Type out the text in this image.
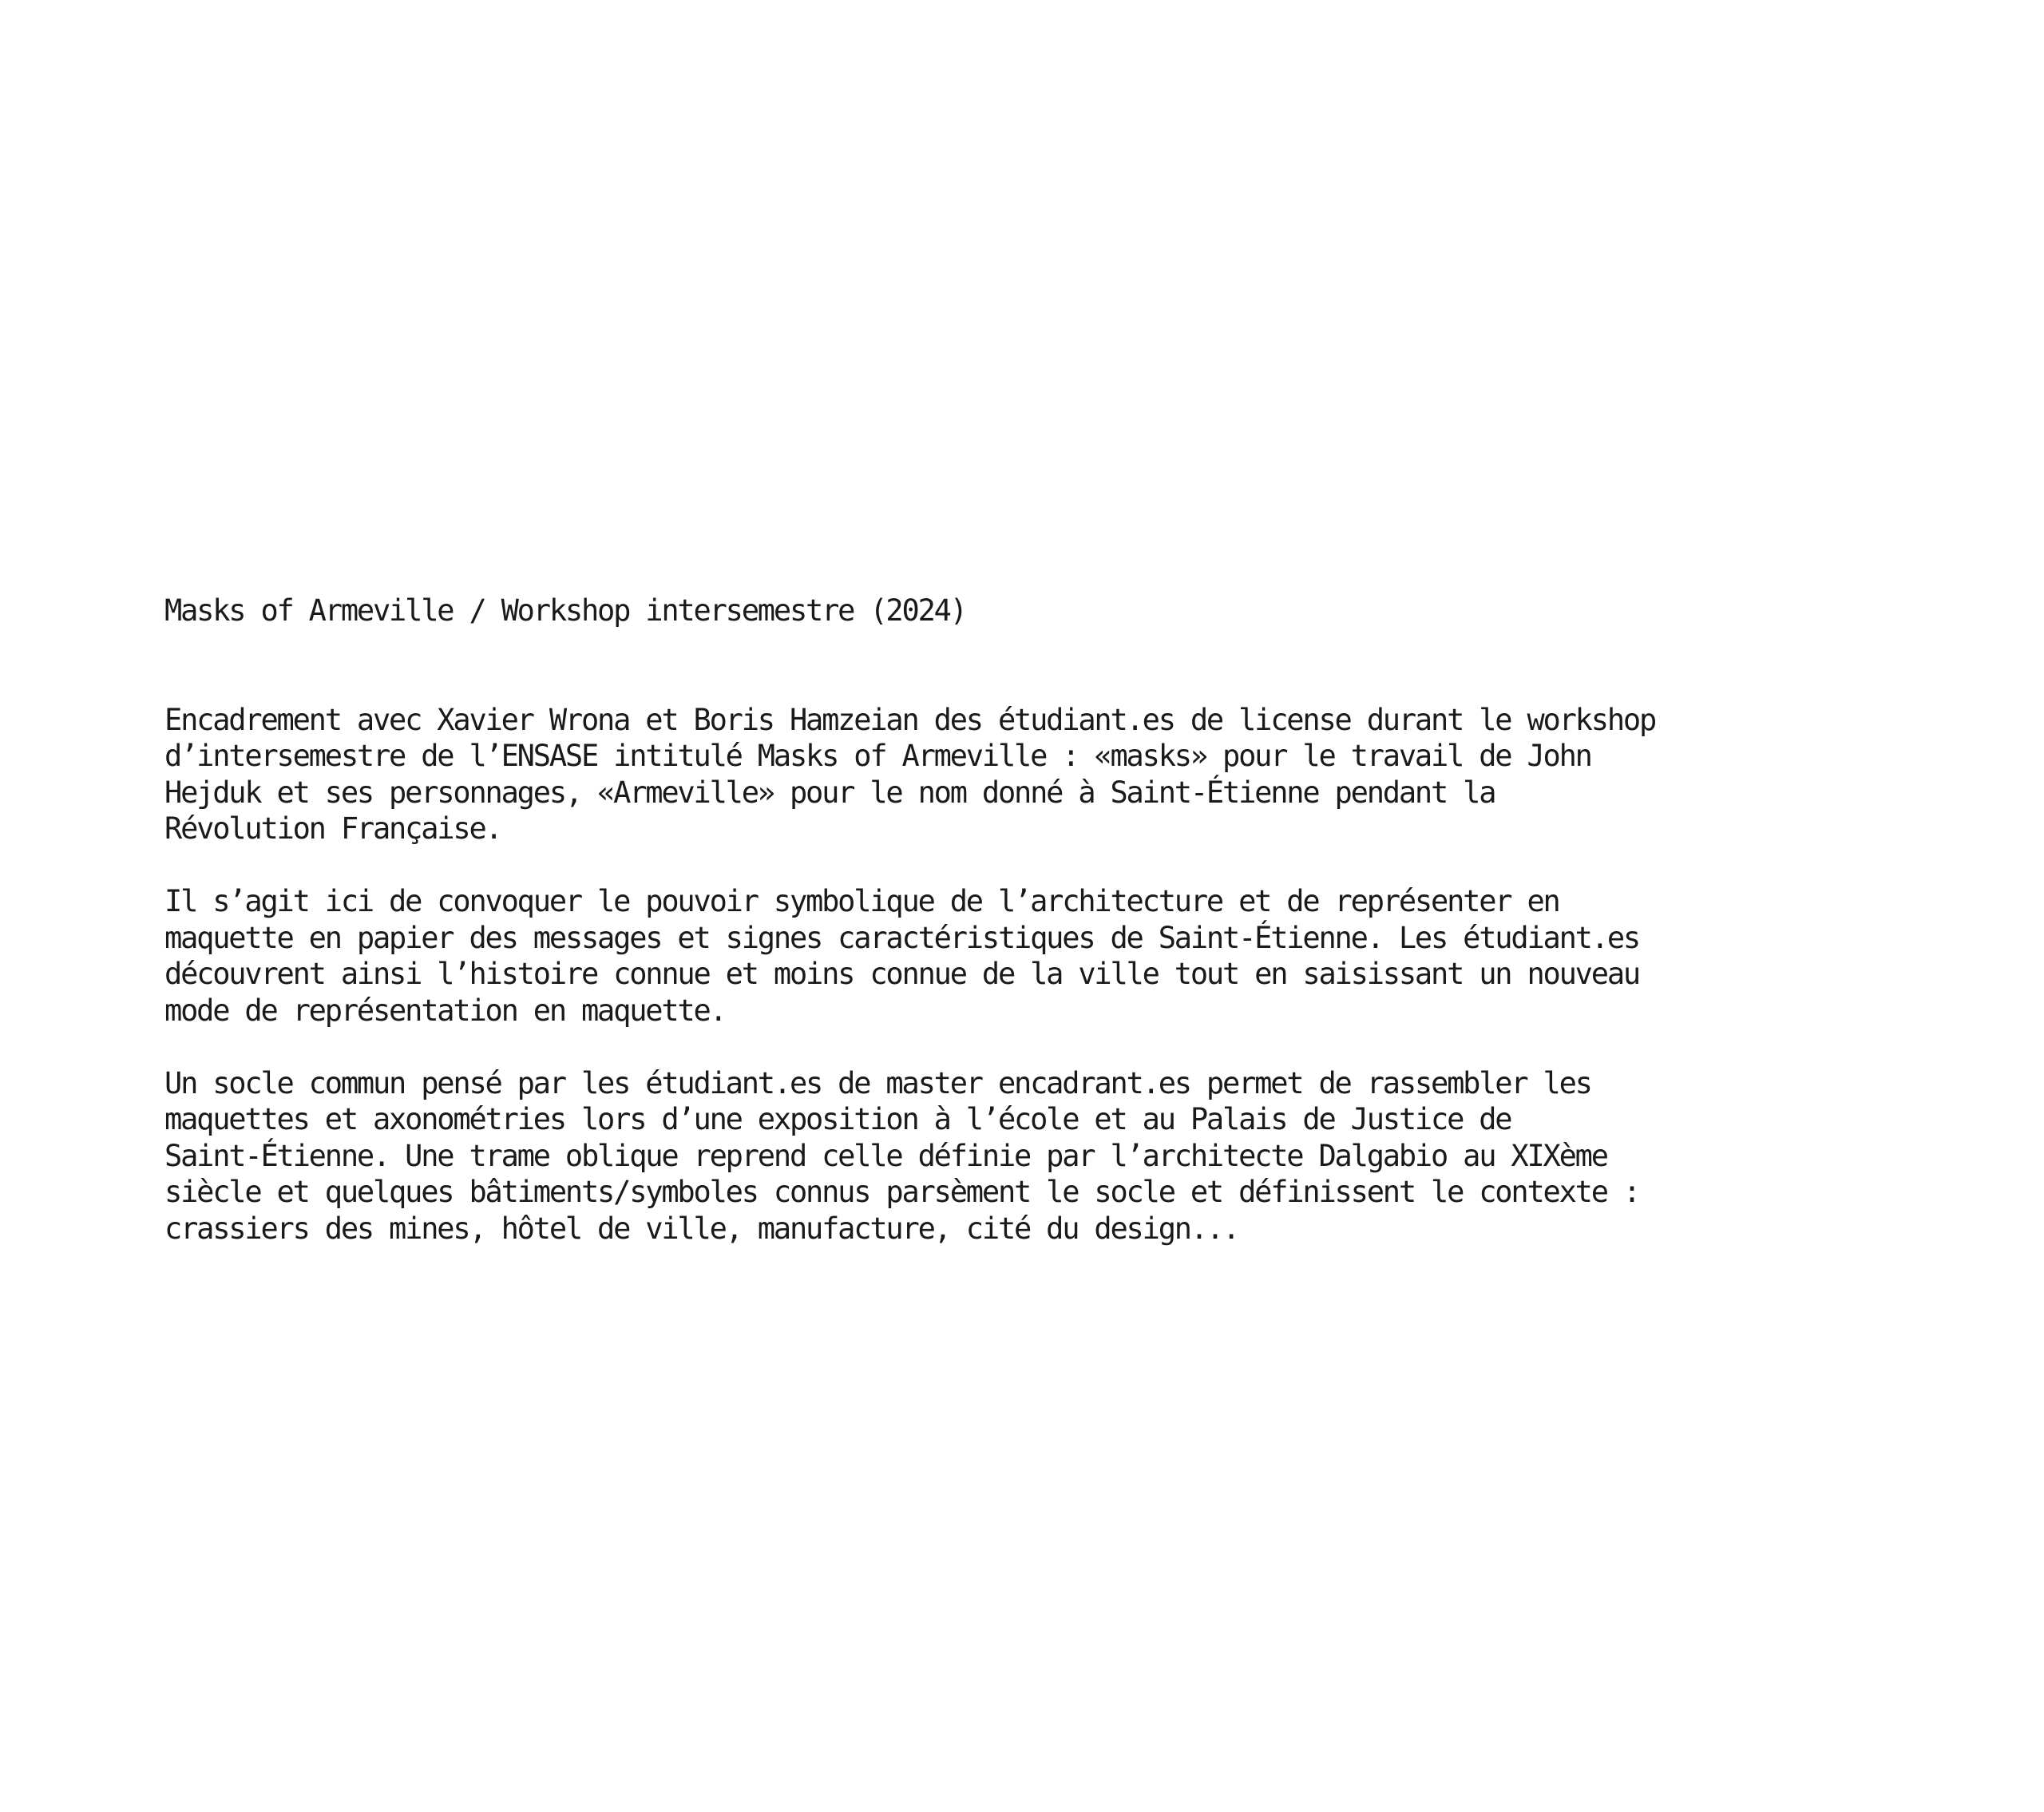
Masks of Armeville / Workshop intersemestre (2024)
Encadrement avec Xavier Wrona et Boris Hamzeian des étudiant.es de license durant le workshop
d’intersemestre de l’ENSASE intitulé Masks of Armeville : «masks» pour le travail de John
Hejduk et ses personnages, «Armeville» pour le nom donné à Saint-Étienne pendant la
Révolution Française.
Il s’agit ici de convoquer le pouvoir symbolique de l’architecture et de représenter en
maquette en papier des messages et signes caractéristiques de Saint-Étienne. Les étudiant.es
découvrent ainsi l’histoire connue et moins connue de la ville tout en saisissant un nouveau
mode de représentation en maquette.
Un socle commun pensé par les étudiant.es de master encadrant.es permet de rassembler les
maquettes et axonométries lors d’une exposition à l’école et au Palais de Justice de
Saint-Étienne. Une trame oblique reprend celle définie par l’architecte Dalgabio au XIXème
siècle et quelques bâtiments/symboles connus parsèment le socle et définissent le contexte :
crassiers des mines, hôtel de ville, manufacture, cité du design...
